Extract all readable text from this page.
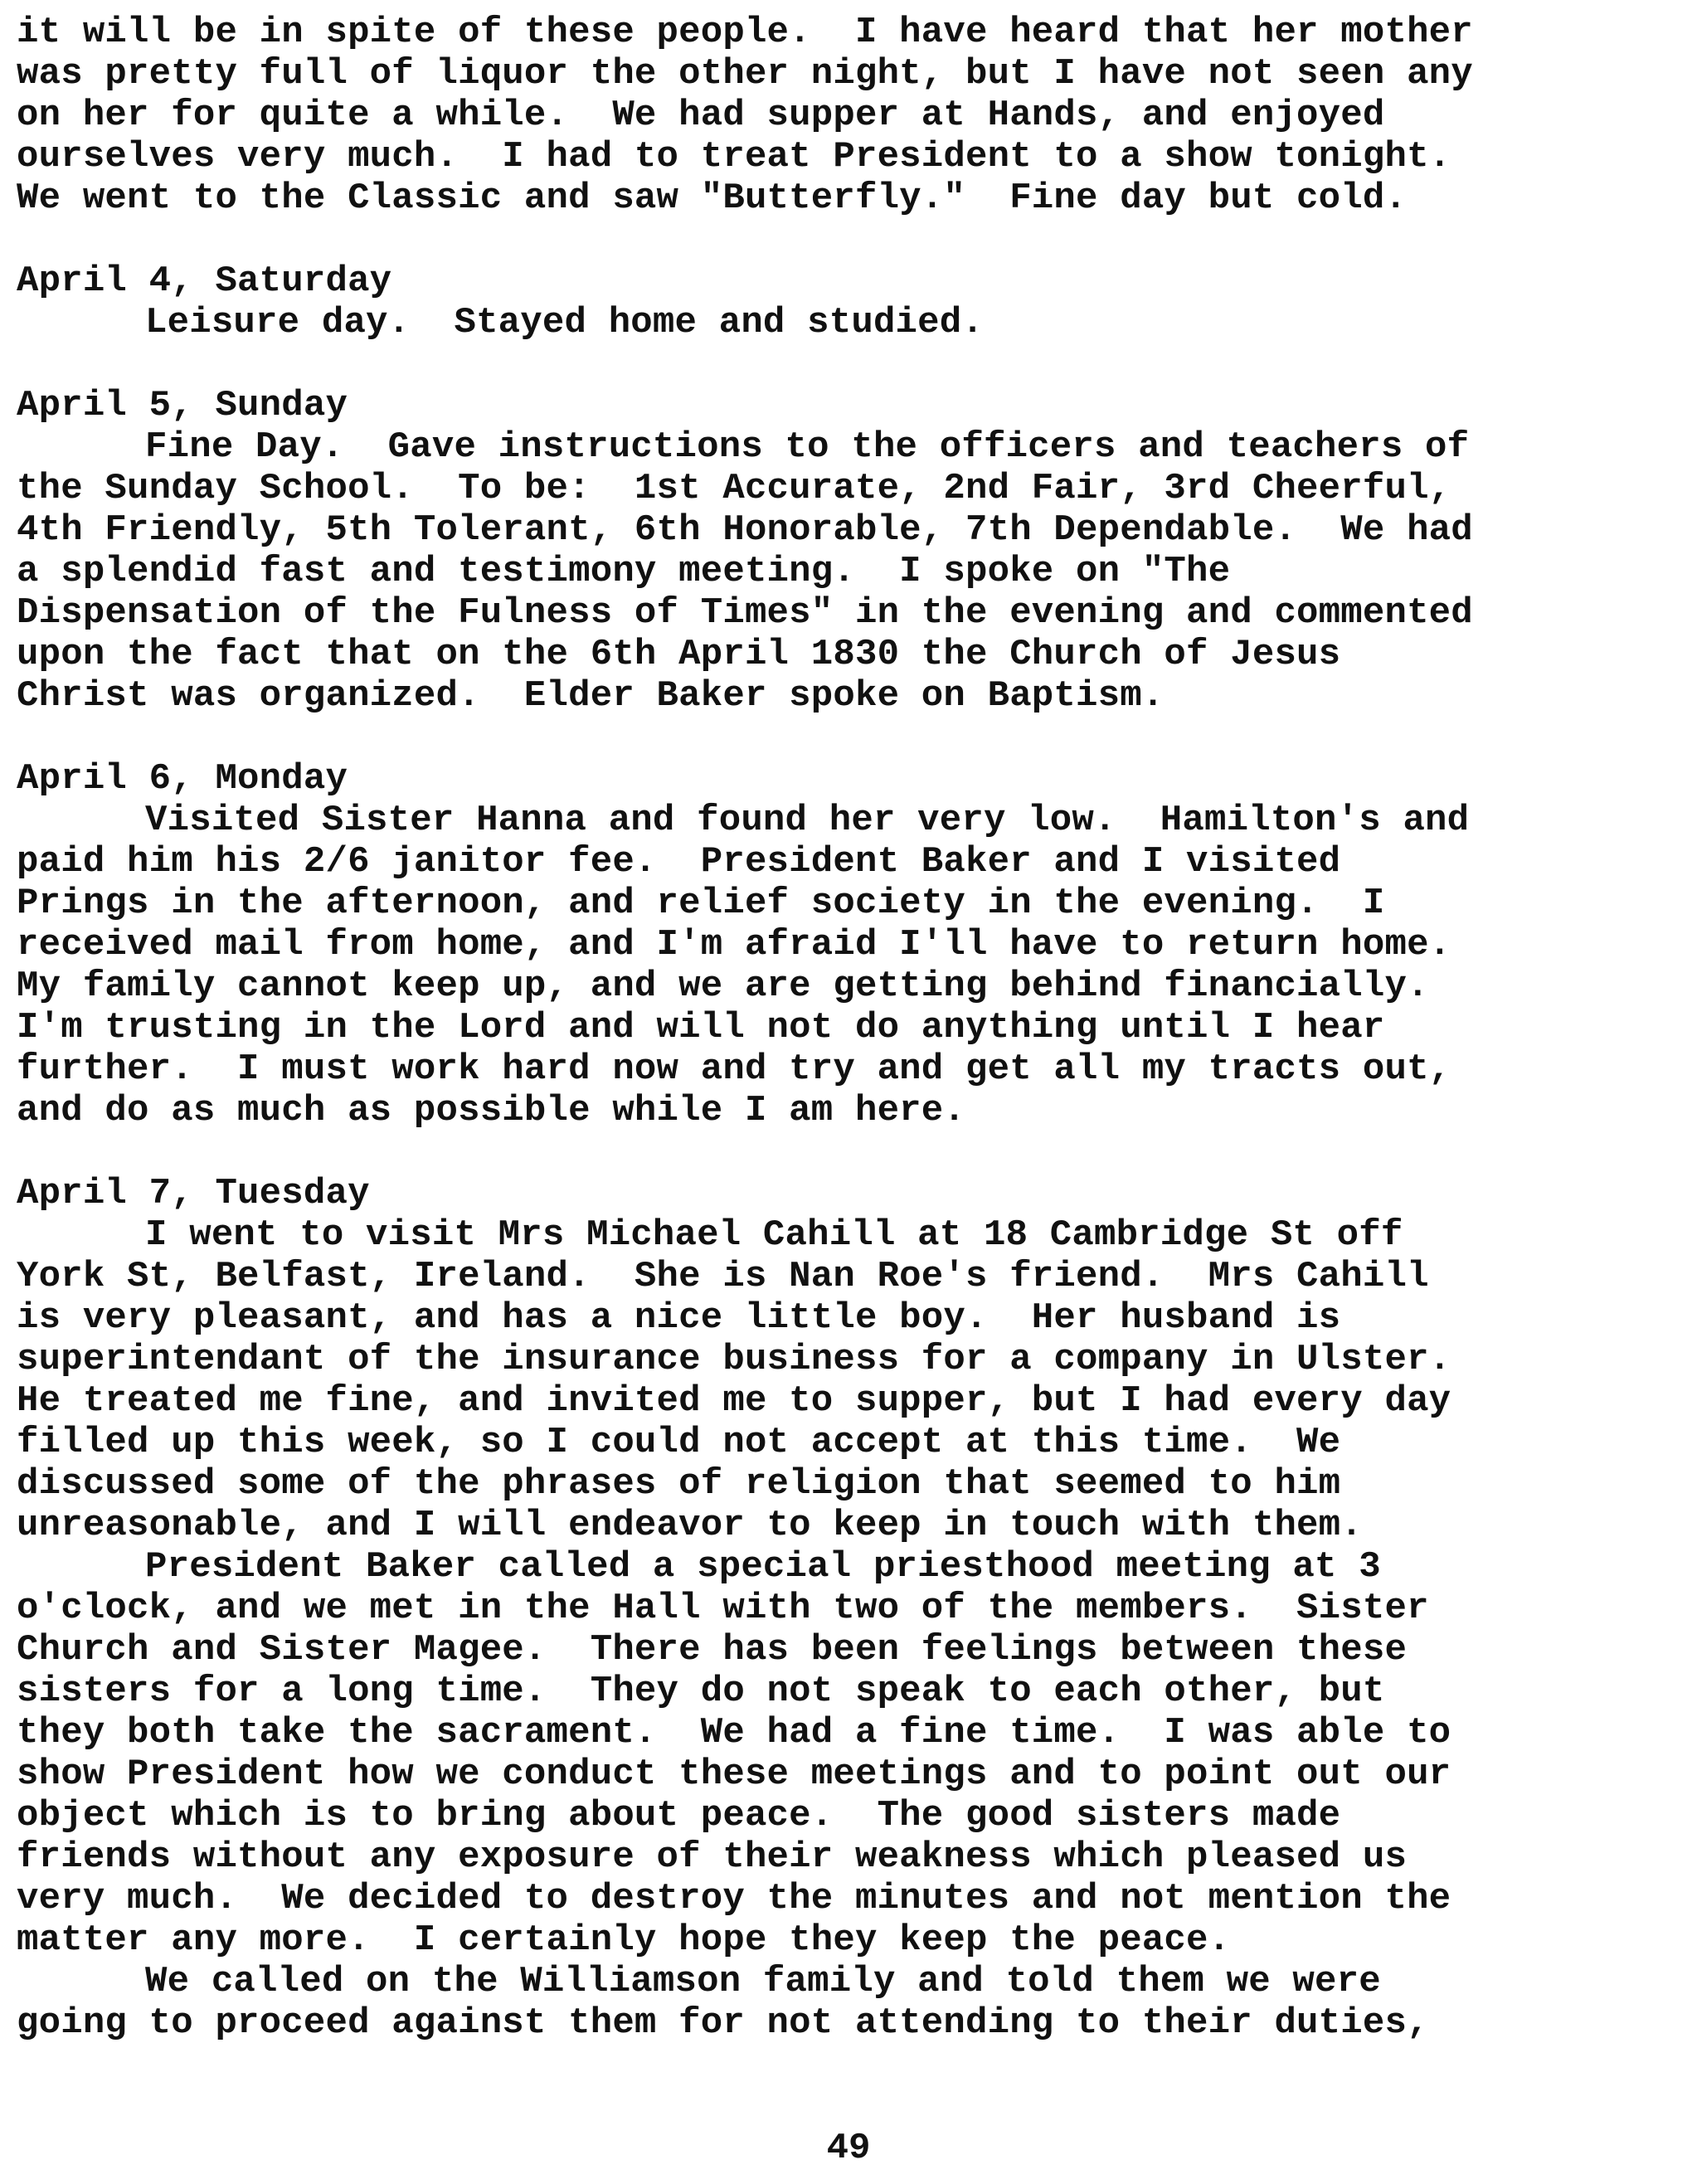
it will be in spite of these people.  I have heard that her mother
was pretty full of liquor the other night, but I have not seen any
on her for quite a while.  We had supper at Hands, and enjoyed
ourselves very much.  I had to treat President to a show tonight.
We went to the Classic and saw "Butterfly."  Fine day but cold.
April 4, Saturday
Leisure day.  Stayed home and studied.
April 5, Sunday
Fine Day.  Gave instructions to the officers and teachers of
the Sunday School.  To be:  1st Accurate, 2nd Fair, 3rd Cheerful,
4th Friendly, 5th Tolerant, 6th Honorable, 7th Dependable.  We had
a splendid fast and testimony meeting.  I spoke on "The
Dispensation of the Fulness of Times" in the evening and commented
upon the fact that on the 6th April 1830 the Church of Jesus
Christ was organized.  Elder Baker spoke on Baptism.
April 6, Monday
Visited Sister Hanna and found her very low.  Hamilton's and
paid him his 2/6 janitor fee.  President Baker and I visited
Prings in the afternoon, and relief society in the evening.  I
received mail from home, and I'm afraid I'll have to return home.
My family cannot keep up, and we are getting behind financially.
I'm trusting in the Lord and will not do anything until I hear
further.  I must work hard now and try and get all my tracts out,
and do as much as possible while I am here.
April 7, Tuesday
I went to visit Mrs Michael Cahill at 18 Cambridge St off
York St, Belfast, Ireland.  She is Nan Roe's friend.  Mrs Cahill
is very pleasant, and has a nice little boy.  Her husband is
superintendant of the insurance business for a company in Ulster.
He treated me fine, and invited me to supper, but I had every day
filled up this week, so I could not accept at this time.  We
discussed some of the phrases of religion that seemed to him
unreasonable, and I will endeavor to keep in touch with them.
President Baker called a special priesthood meeting at 3
o'clock, and we met in the Hall with two of the members.  Sister
Church and Sister Magee.  There has been feelings between these
sisters for a long time.  They do not speak to each other, but
they both take the sacrament.  We had a fine time.  I was able to
show President how we conduct these meetings and to point out our
object which is to bring about peace.  The good sisters made
friends without any exposure of their weakness which pleased us
very much.  We decided to destroy the minutes and not mention the
matter any more.  I certainly hope they keep the peace.
We called on the Williamson family and told them we were
going to proceed against them for not attending to their duties,
49
